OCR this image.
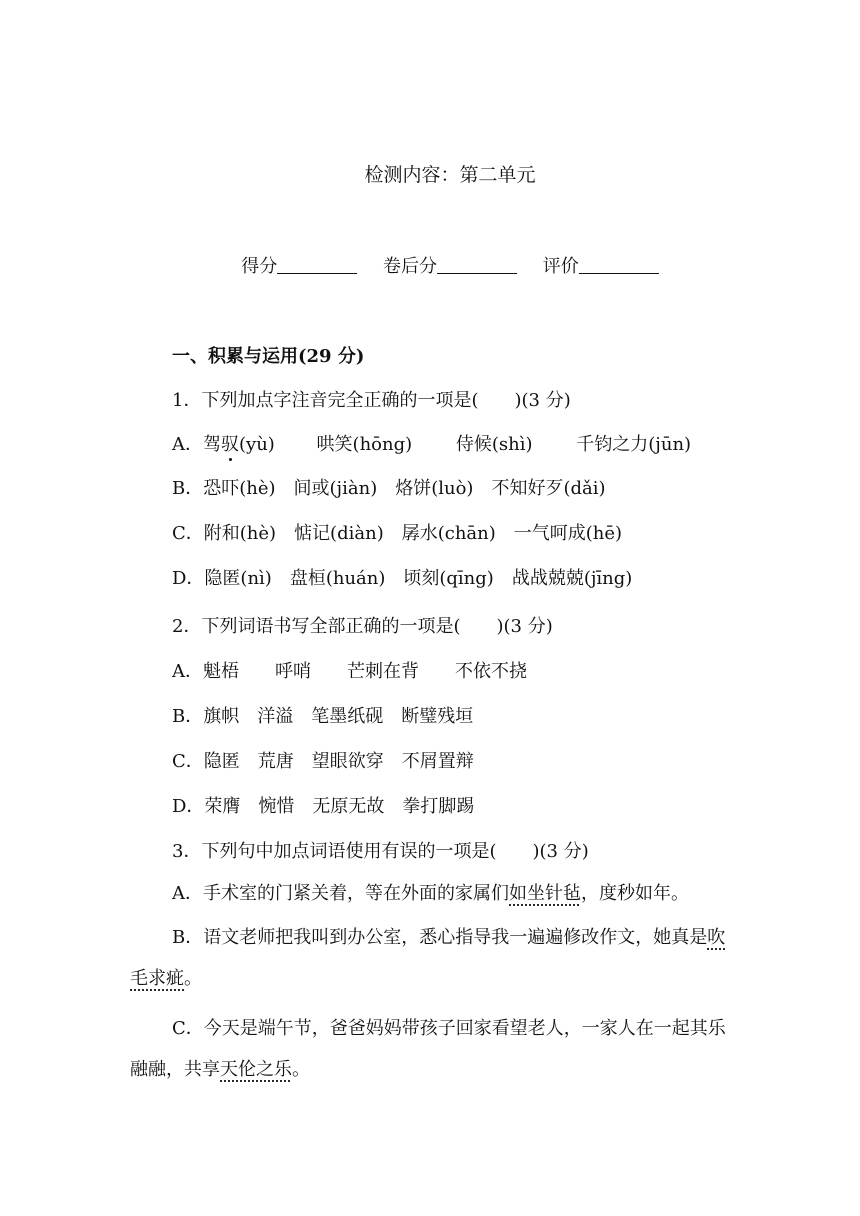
检测内容：第二单元
得分	卷后分	评价
一、积累与运用(29 分)
1．下列加点字注音完全正确的一项是(　　)(3 分)
A．驾驭(yù) 哄笑(hōng) 侍候(shì) 千钧之力(jūn)
B．恐吓(hè)　间或(jiàn)　烙饼(luò)　不知好歹(dǎi)
C．附和(hè)　惦记(diàn)　孱水(chān)　一气呵成(hē)
D．隐匿(nì)　盘桓(huán)　顷刻(qīng)　战战兢兢(jīng)
2．下列词语书写全部正确的一项是(　　)(3 分)
A．魁梧　　呼哨　　芒刺在背　　不依不挠
B．旗帜　洋溢　笔墨纸砚　断璧残垣
C．隐匿　荒唐　望眼欲穿　不屑置辩
D．荣膺　惋惜　无原无故　拳打脚踢
3．下列句中加点词语使用有误的一项是(　　)(3 分)
A．手术室的门紧关着，等在外面的家属们如坐针毡，度秒如年。
B．语文老师把我叫到办公室，悉心指导我一遍遍修改作文，她真是吹毛求疵。
C．今天是端午节，爸爸妈妈带孩子回家看望老人，一家人在一起其乐融融，共享天伦之乐。
